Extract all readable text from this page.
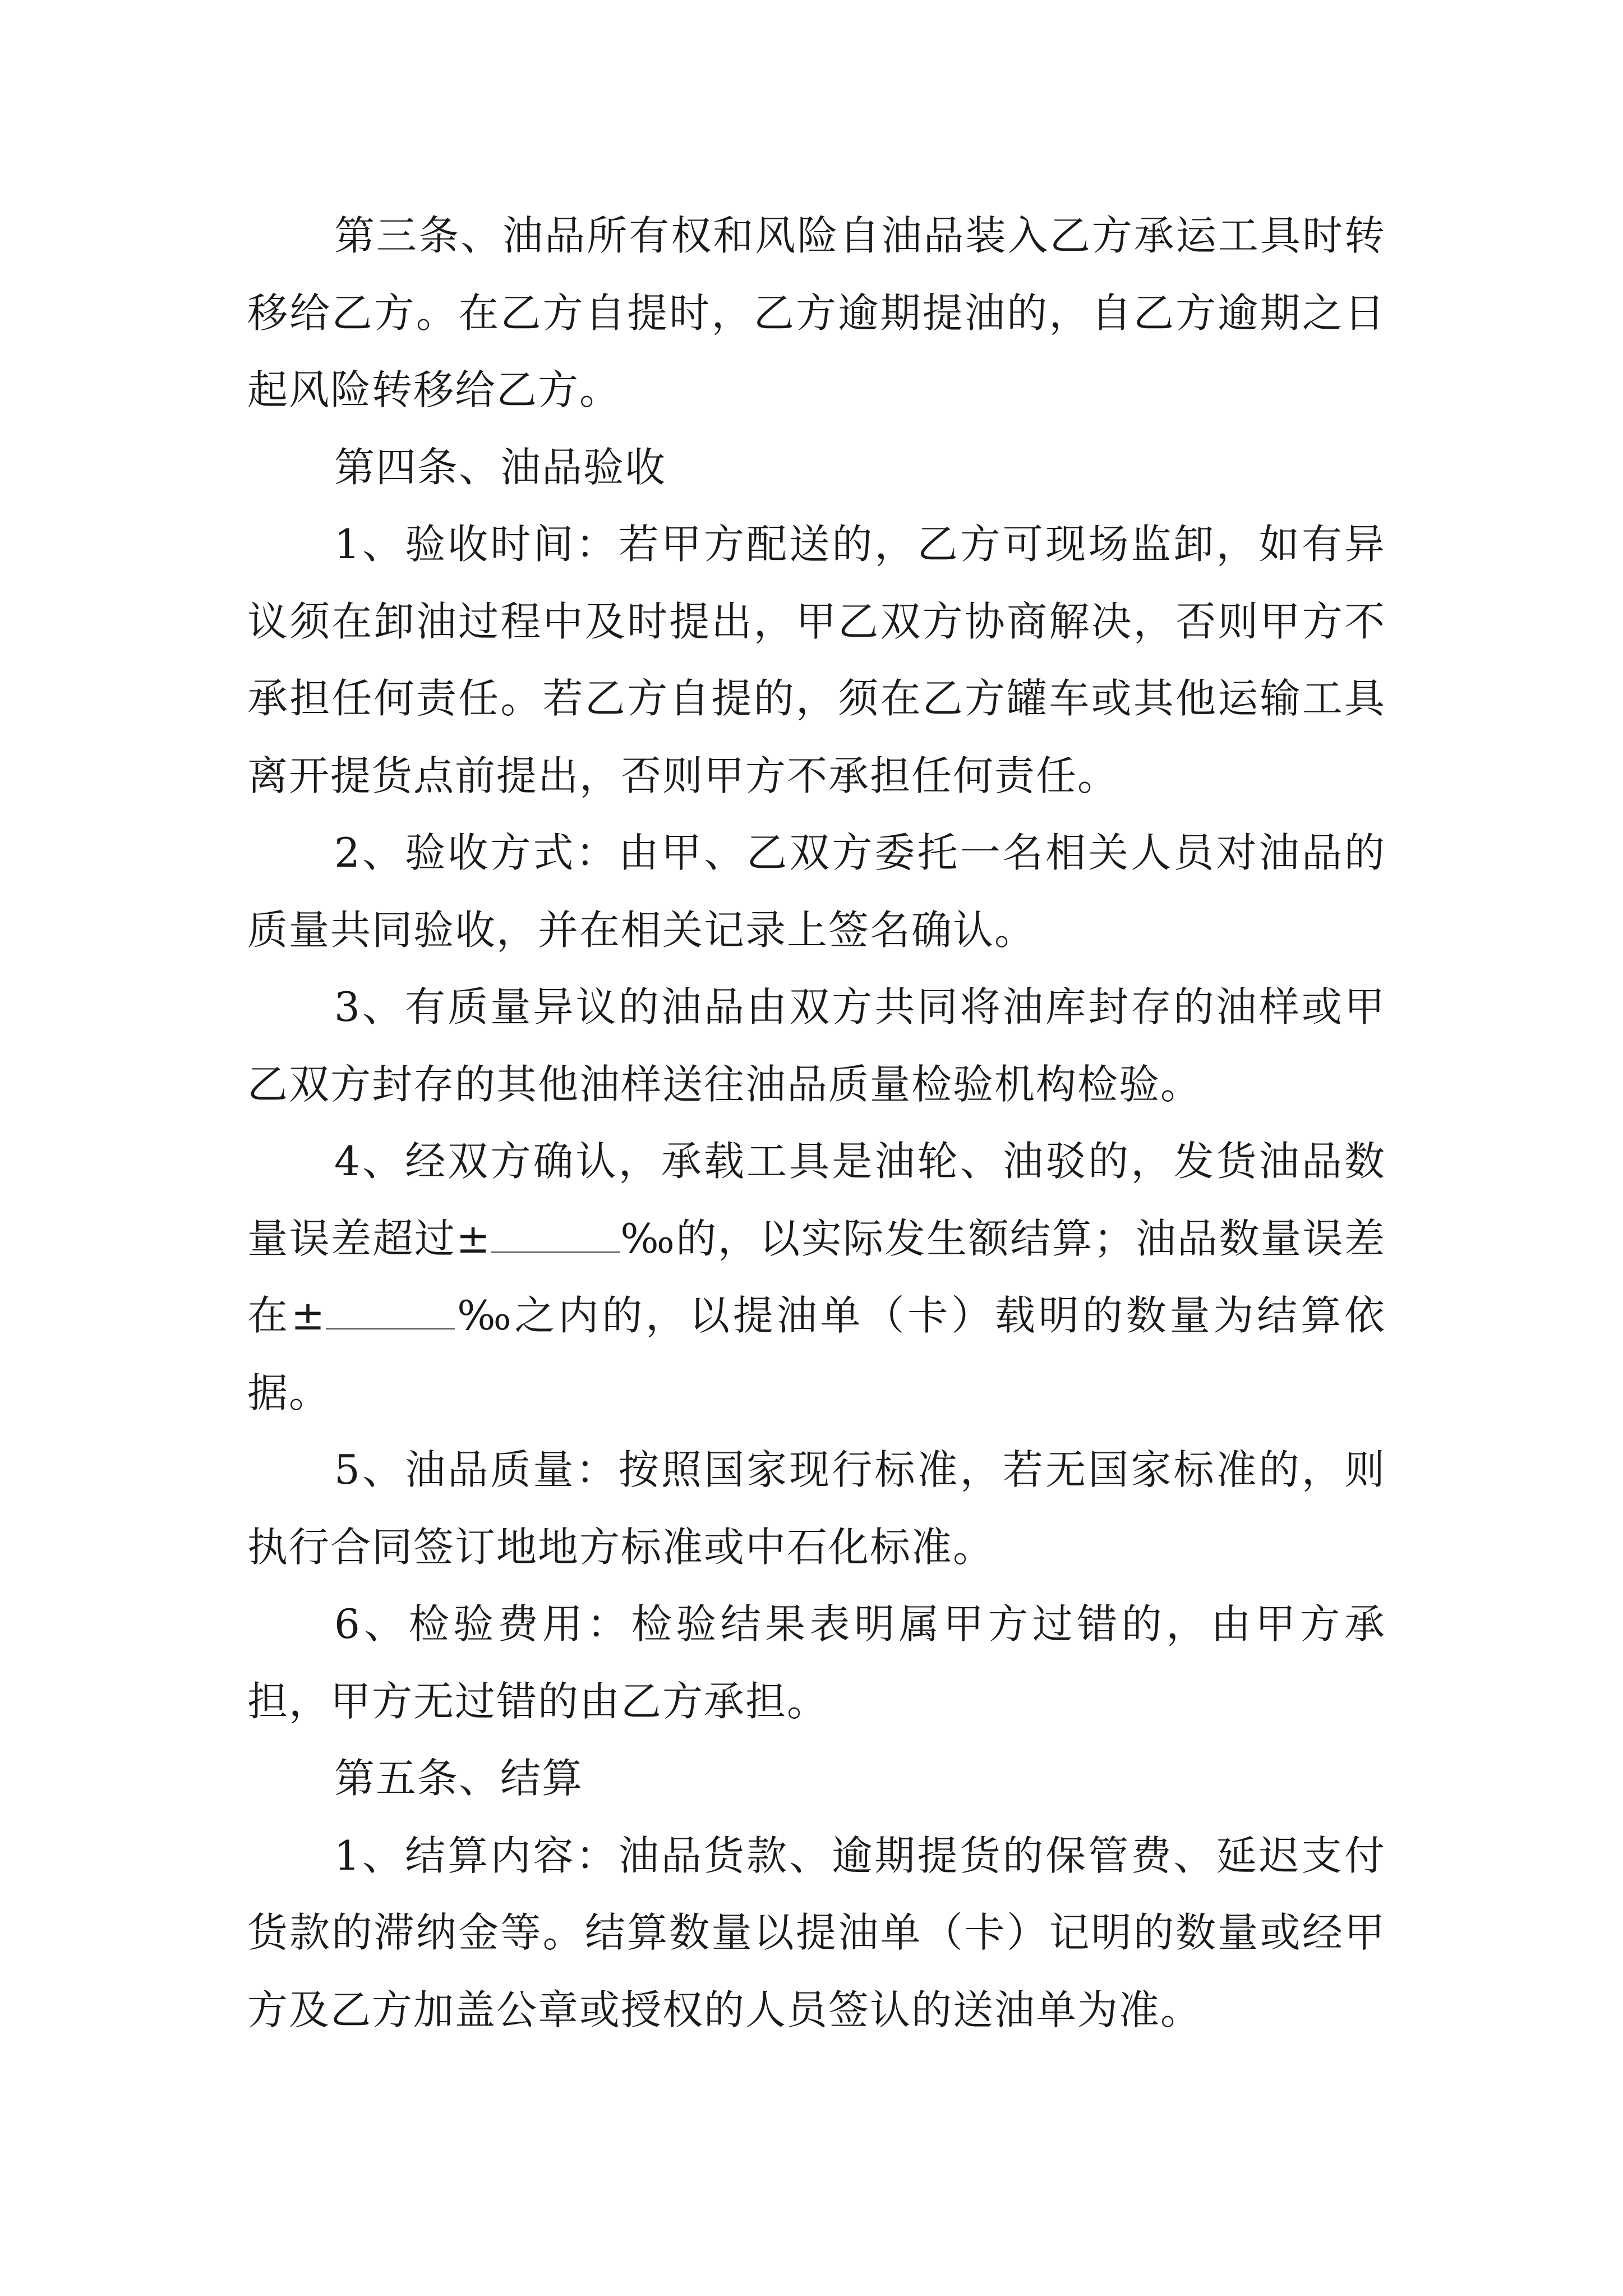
第三条、油品所有权和风险自油品装入乙方承运工具时转移给乙方。在乙方自提时，乙方逾期提油的，自乙方逾期之日起风险转移给乙方。

第四条、油品验收

1、验收时间：若甲方配送的，乙方可现场监卸，如有异议须在卸油过程中及时提出，甲乙双方协商解决，否则甲方不承担任何责任。若乙方自提的，须在乙方罐车或其他运输工具离开提货点前提出，否则甲方不承担任何责任。

2、验收方式：由甲、乙双方委托一名相关人员对油品的质量共同验收，并在相关记录上签名确认。

3、有质量异议的油品由双方共同将油库封存的油样或甲乙双方封存的其他油样送往油品质量检验机构检验。

4、经双方确认，承载工具是油轮、油驳的，发货油品数量误差超过±	‰的，以实际发生额结算；油品数量误差在±	‰之内的，以提油单（卡）载明的数量为结算依据。

5、油品质量：按照国家现行标准，若无国家标准的，则执行合同签订地地方标准或中石化标准。

6、检验费用：检验结果表明属甲方过错的，由甲方承担，甲方无过错的由乙方承担。

第五条、结算

1、结算内容：油品货款、逾期提货的保管费、延迟支付货款的滞纳金等。结算数量以提油单（卡）记明的数量或经甲方及乙方加盖公章或授权的人员签认的送油单为准。
